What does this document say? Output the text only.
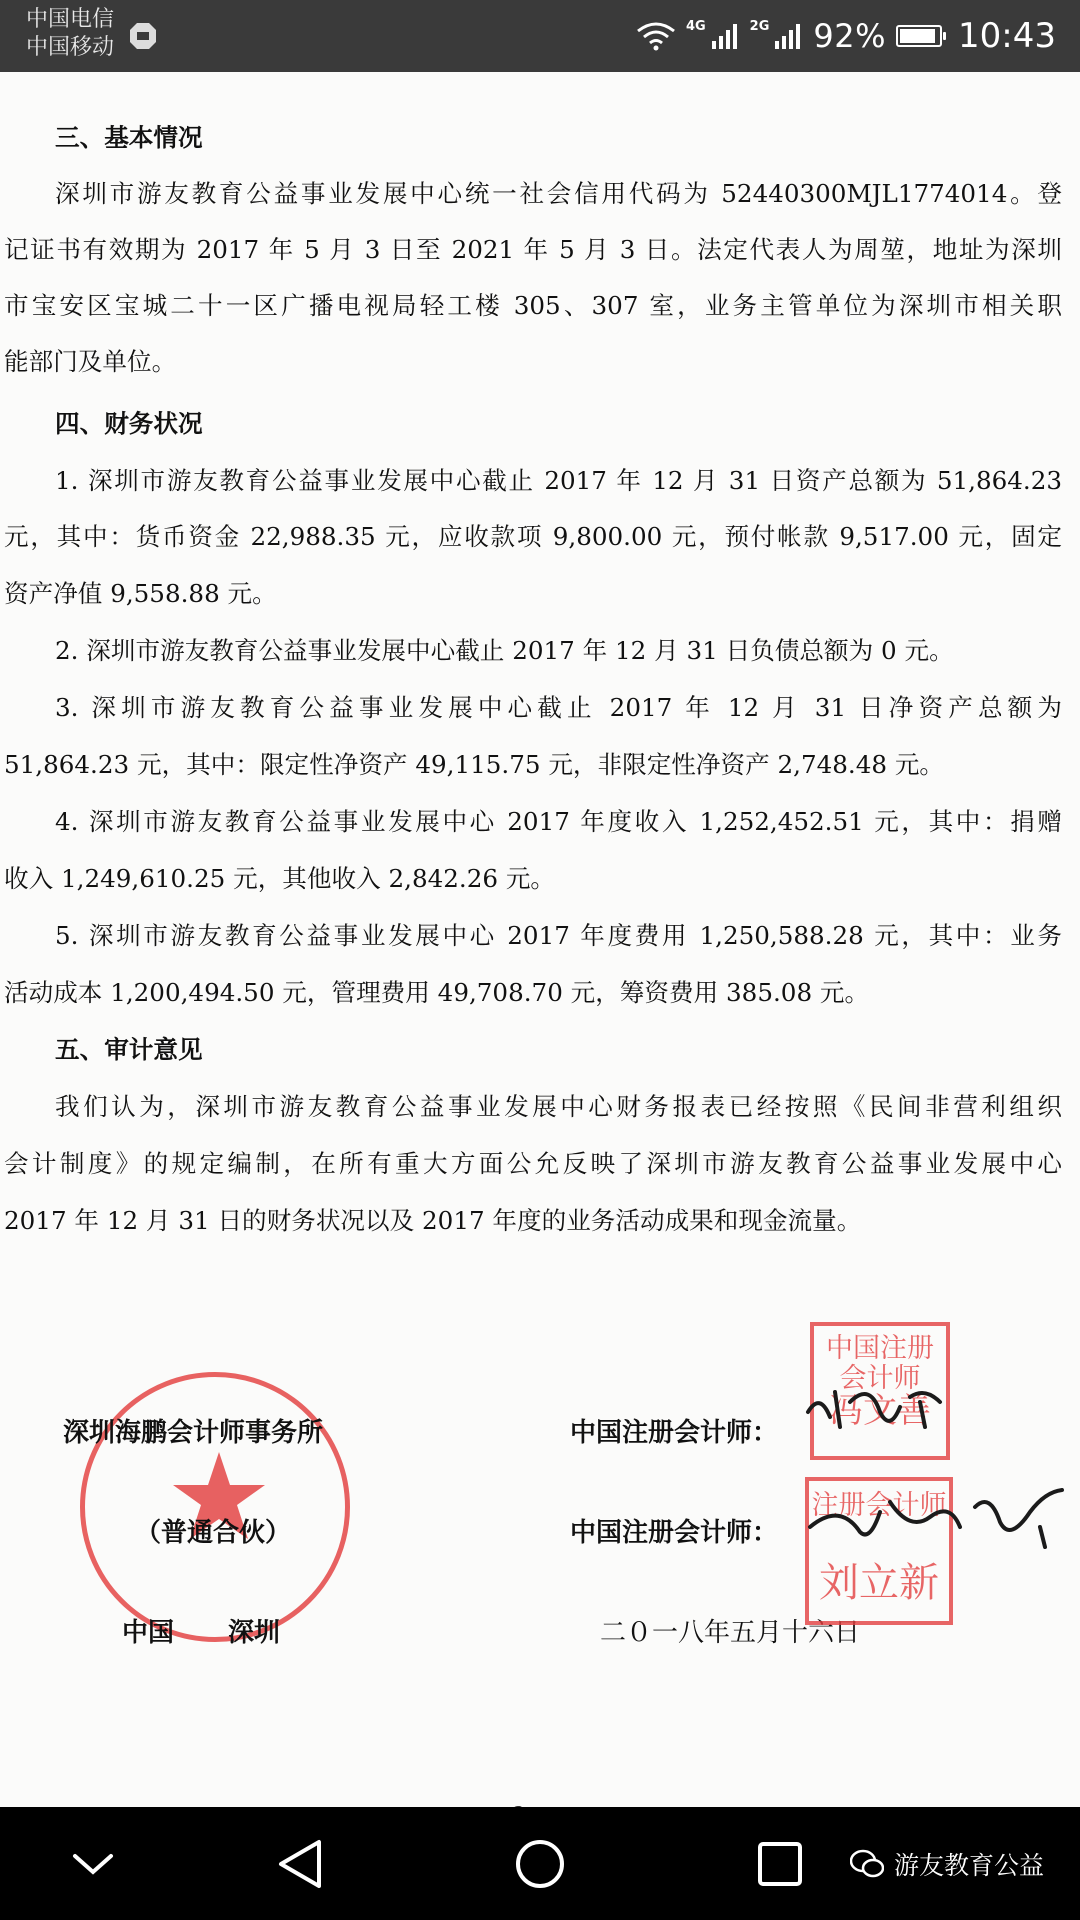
中国电信
中国移动
4G	2G 92% 10:43
三、基本情况
深圳市游友教育公益事业发展中心统一社会信用代码为 52440300MJL1774014。登
记证书有效期为 2017 年 5 月 3 日至 2021 年 5 月 3 日。法定代表人为周堃，地址为深圳
市宝安区宝城二十一区广播电视局轻工楼 305、307 室，业务主管单位为深圳市相关职
能部门及单位。
四、财务状况
1. 深圳市游友教育公益事业发展中心截止 2017 年 12 月 31 日资产总额为 51,864.23
元，其中：货币资金 22,988.35 元，应收款项 9,800.00 元，预付帐款 9,517.00 元，固定
资产净值 9,558.88 元。
2. 深圳市游友教育公益事业发展中心截止 2017 年 12 月 31 日负债总额为 0 元。
3. 深圳市游友教育公益事业发展中心截止 2017 年 12 月 31 日净资产总额为
51,864.23 元，其中：限定性净资产 49,115.75 元，非限定性净资产 2,748.48 元。
4. 深圳市游友教育公益事业发展中心 2017 年度收入 1,252,452.51 元，其中：捐赠
收入 1,249,610.25 元，其他收入 2,842.26 元。
5. 深圳市游友教育公益事业发展中心 2017 年度费用 1,250,588.28 元，其中：业务
活动成本 1,200,494.50 元，管理费用 49,708.70 元，筹资费用 385.08 元。
五、审计意见
我们认为，深圳市游友教育公益事业发展中心财务报表已经按照《民间非营利组织
会计制度》的规定编制，在所有重大方面公允反映了深圳市游友教育公益事业发展中心
2017 年 12 月 31 日的财务状况以及 2017 年度的业务活动成果和现金流量。
深圳海鹏会计师事务所
（普通合伙）
中国 深圳
中国注册会计师：
中国注册会计师：
二０一八年五月十六日
中国注册
会计师
冯文善
注册会计师
刘立新
游友教育公益
